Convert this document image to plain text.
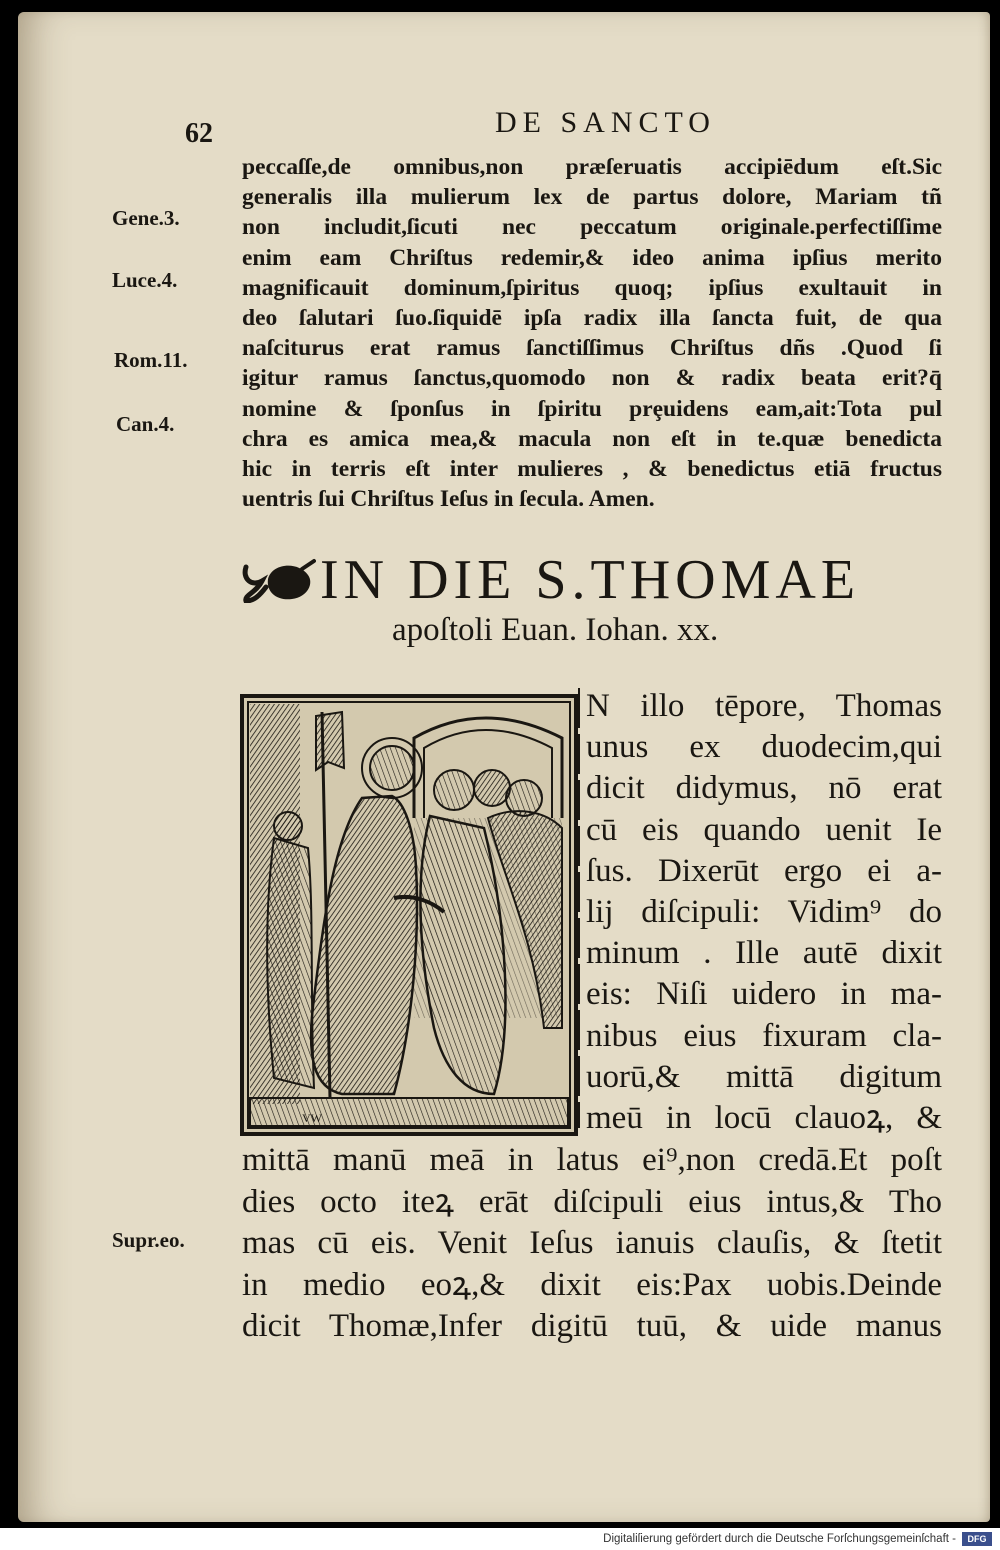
62	DE SANCTO
peccaſſe,de omnibus,non præſeruatis accipiēdum eſt.Sic
generalis illa mulierum lex de partus dolore, Mariam tñ
non includit,ſicuti nec peccatum originale.perfectiſſime
enim eam Chriſtus redemir,& ideo anima ipſius merito
magnificauit dominum,ſpiritus quoq; ipſius exultauit in
deo ſalutari ſuo.ſiquidē ipſa radix illa ſancta fuit, de qua
naſciturus erat ramus ſanctiſſimus Chriſtus dñs .Quod ſi
igitur ramus ſanctus,quomodo non & radix beata erit?q̄
nomine & ſponſus in ſpiritu prȩuidens eam,ait:Tota pul
chra es amica mea,& macula non eſt in te.quæ benedicta
hic in terris eſt inter mulieres , & benedictus etiā fructus
uentris ſui Chriſtus Ieſus in ſecula. Amen.
Gene.3.
Luce.4.
Rom.11.
Can.4.
Supr.eo.
IN DIE S.THOMAE
apoſtoli Euan. Iohan. xx.
VW
N illo tēpore, Thomas
unus ex duodecim,qui
dicit didymus, nō erat
cū eis quando uenit Ie
ſus. Dixerūt ergo ei a-
lij diſcipuli: Vidim⁹ do
minum . Ille autē dixit
eis: Niſi uidero in ma-
nibus eius fixuram cla-
uorū,& mittā digitum
meū in locū clauoꝝ, &
mittā manū meā in latus ei⁹,non credā.Et poſt
dies octo iteꝝ erāt diſcipuli eius intus,& Tho
mas cū eis. Venit Ieſus ianuis clauſis, & ſtetit
in medio eoꝝ,& dixit eis:Pax uobis.Deinde
dicit Thomæ,Infer digitū tuū, & uide manus
Digitaliſierung gefördert durch die Deutsche Forſchungsgemeinſchaft -	DFG
